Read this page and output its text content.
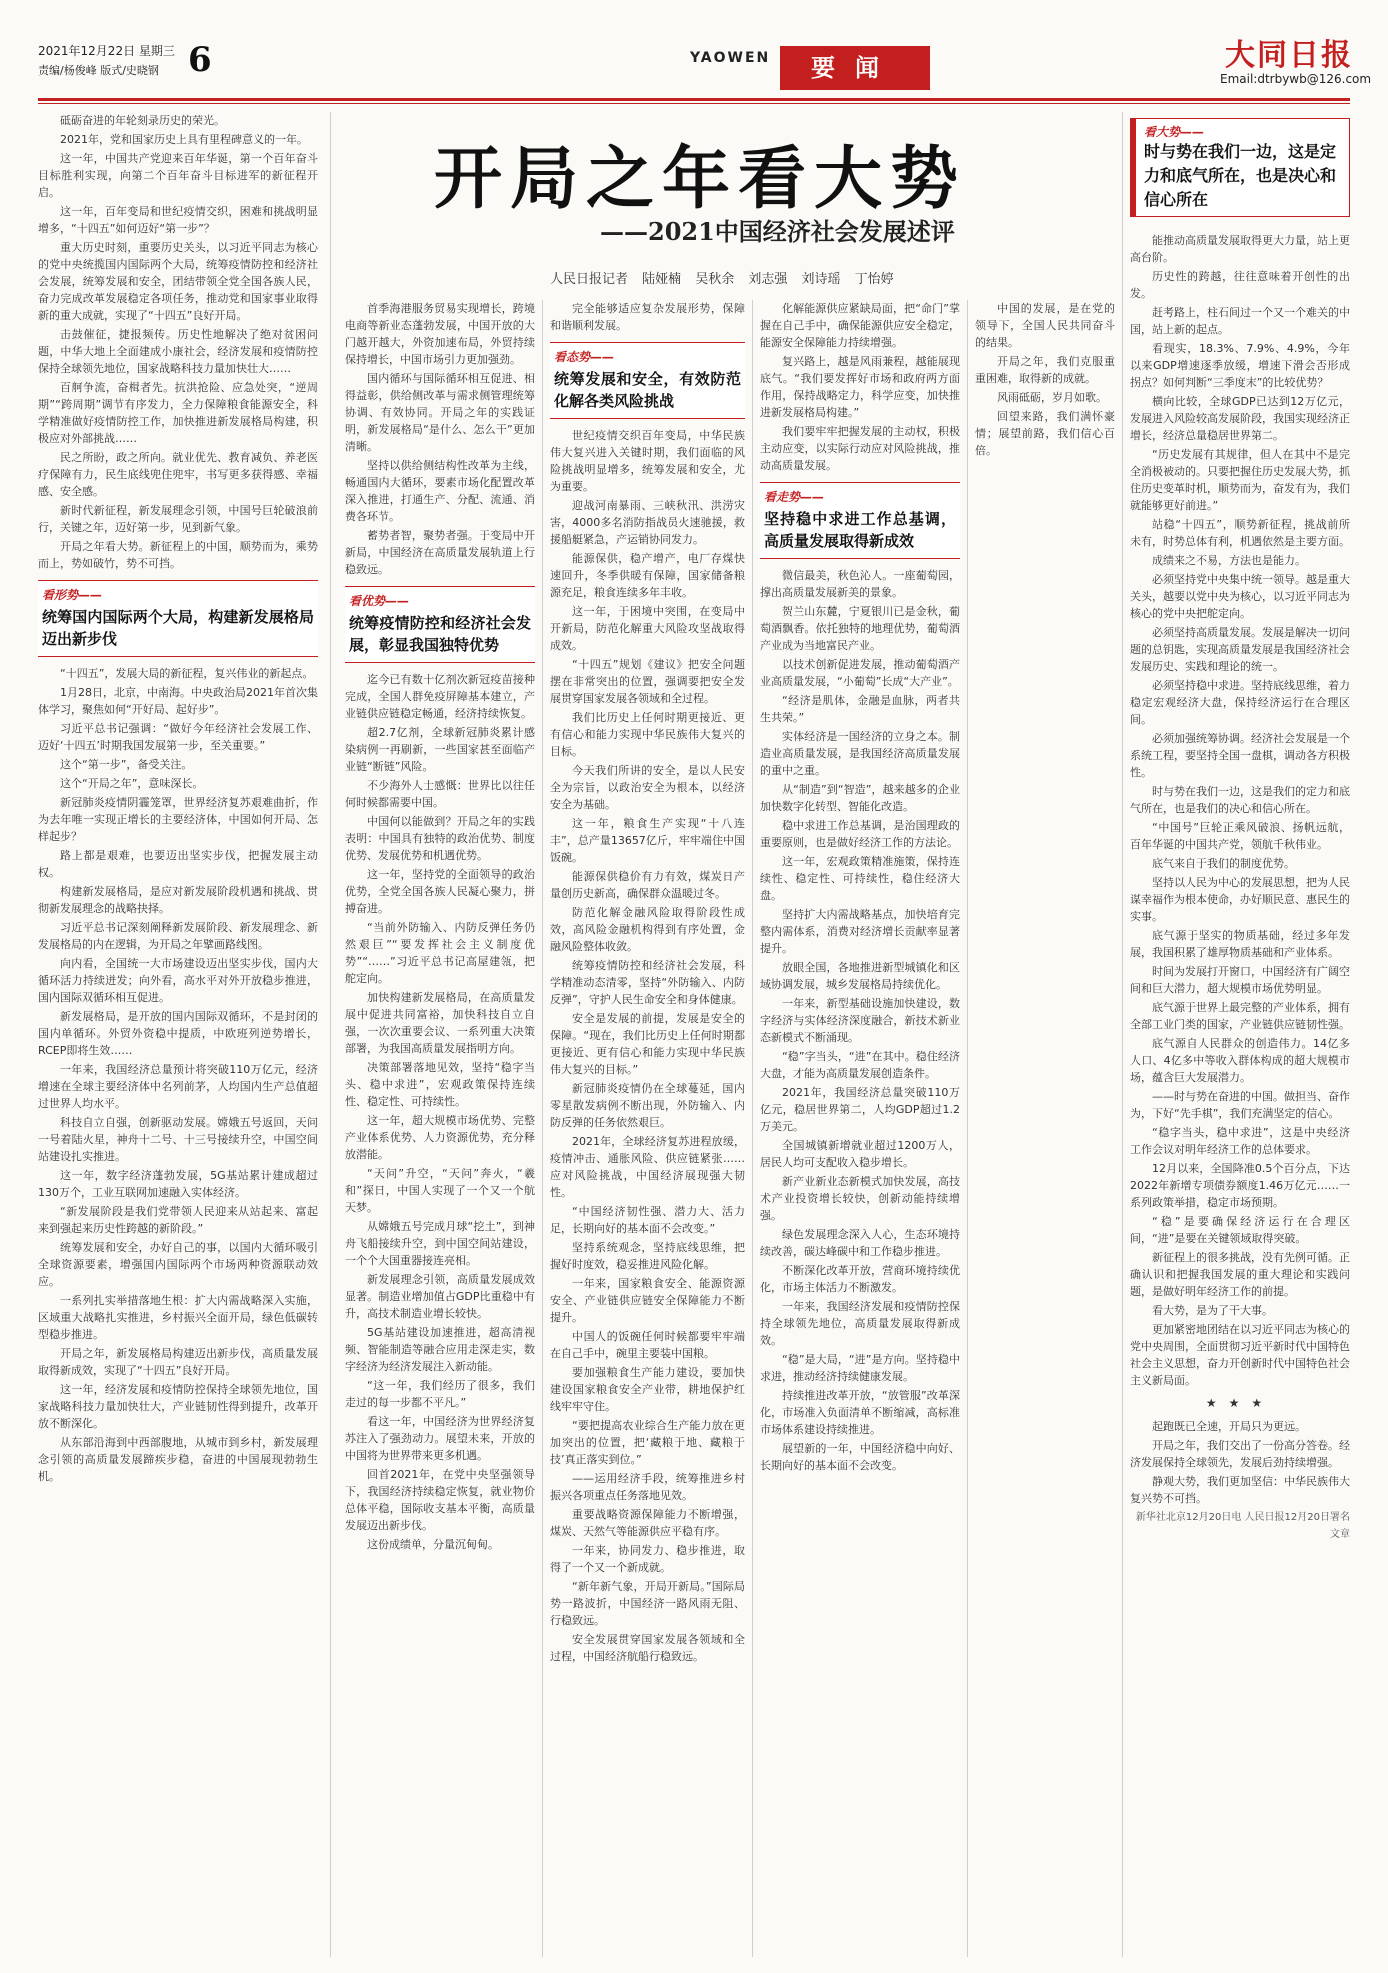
2021年12月22日 星期三
责编/杨俊峰 版式/史晓钢 6	YAOWEN	要闻	大同日报
Email:dtrbywb@126.com
开局之年看大势
——2021中国经济社会发展述评
人民日报记者 陆娅楠 吴秋余 刘志强 刘诗瑶 丁怡婷

砥砺奋进的年轮刻录历史的荣光。

2021年，党和国家历史上具有里程碑意义的一年。

这一年，中国共产党迎来百年华诞，第一个百年奋斗目标胜利实现，向第二个百年奋斗目标进军的新征程开启。

这一年，百年变局和世纪疫情交织，困难和挑战明显增多，“十四五”如何迈好“第一步”？

重大历史时刻，重要历史关头，以习近平同志为核心的党中央统揽国内国际两个大局，统筹疫情防控和经济社会发展，统筹发展和安全，团结带领全党全国各族人民，奋力完成改革发展稳定各项任务，推动党和国家事业取得新的重大成就，实现了“十四五”良好开局。

击鼓催征，捷报频传。历史性地解决了绝对贫困问题，中华大地上全面建成小康社会，经济发展和疫情防控保持全球领先地位，国家战略科技力量加快壮大……

百舸争流，奋楫者先。抗洪抢险、应急处突，“逆周期”“跨周期”调节有序发力，全力保障粮食能源安全，科学精准做好疫情防控工作，加快推进新发展格局构建，积极应对外部挑战……

民之所盼，政之所向。就业优先、教育减负、养老医疗保障有力，民生底线兜住兜牢，书写更多获得感、幸福感、安全感。

新时代新征程，新发展理念引领，中国号巨轮破浪前行，关键之年，迈好第一步，见到新气象。

开局之年看大势。新征程上的中国，顺势而为，乘势而上，势如破竹，势不可挡。

看形势——
统筹国内国际两个大局，构建新发展格局迈出新步伐

“十四五”，发展大局的新征程，复兴伟业的新起点。

1月28日，北京，中南海。中央政治局2021年首次集体学习，聚焦如何“开好局、起好步”。

习近平总书记强调：“做好今年经济社会发展工作、迈好‘十四五’时期我国发展第一步，至关重要。”

这个“第一步”，备受关注。

这个“开局之年”，意味深长。

新冠肺炎疫情阴霾笼罩，世界经济复苏艰难曲折，作为去年唯一实现正增长的主要经济体，中国如何开局、怎样起步？

路上都是艰难，也要迈出坚实步伐，把握发展主动权。

构建新发展格局，是应对新发展阶段机遇和挑战、贯彻新发展理念的战略抉择。

习近平总书记深刻阐释新发展阶段、新发展理念、新发展格局的内在逻辑，为开局之年擘画路线图。

向内看，全国统一大市场建设迈出坚实步伐，国内大循环活力持续迸发；向外看，高水平对外开放稳步推进，国内国际双循环相互促进。

新发展格局，是开放的国内国际双循环，不是封闭的国内单循环。外贸外资稳中提质，中欧班列逆势增长，RCEP即将生效……

一年来，我国经济总量预计将突破110万亿元，经济增速在全球主要经济体中名列前茅，人均国内生产总值超过世界人均水平。

科技自立自强，创新驱动发展。嫦娥五号返回，天问一号着陆火星，神舟十二号、十三号接续升空，中国空间站建设扎实推进。

这一年，数字经济蓬勃发展，5G基站累计建成超过130万个，工业互联网加速融入实体经济。

“新发展阶段是我们党带领人民迎来从站起来、富起来到强起来历史性跨越的新阶段。”

统筹发展和安全，办好自己的事，以国内大循环吸引全球资源要素，增强国内国际两个市场两种资源联动效应。

一系列扎实举措落地生根：扩大内需战略深入实施，区域重大战略扎实推进，乡村振兴全面开局，绿色低碳转型稳步推进。

开局之年，新发展格局构建迈出新步伐，高质量发展取得新成效，实现了“十四五”良好开局。

这一年，经济发展和疫情防控保持全球领先地位，国家战略科技力量加快壮大，产业链韧性得到提升，改革开放不断深化。

从东部沿海到中西部腹地，从城市到乡村，新发展理念引领的高质量发展蹄疾步稳，奋进的中国展现勃勃生机。

首季海港服务贸易实现增长，跨境电商等新业态蓬勃发展，中国开放的大门越开越大，外资加速布局，外贸持续保持增长，中国市场引力更加强劲。

国内循环与国际循环相互促进、相得益彰，供给侧改革与需求侧管理统筹协调、有效协同。开局之年的实践证明，新发展格局“是什么、怎么干”更加清晰。

坚持以供给侧结构性改革为主线，畅通国内大循环，要素市场化配置改革深入推进，打通生产、分配、流通、消费各环节。

蓄势者智，聚势者强。于变局中开新局，中国经济在高质量发展轨道上行稳致远。

看优势——
统筹疫情防控和经济社会发展，彰显我国独特优势

迄今已有数十亿剂次新冠疫苗接种完成，全国人群免疫屏障基本建立，产业链供应链稳定畅通，经济持续恢复。

超2.7亿剂，全球新冠肺炎累计感染病例一再刷新，一些国家甚至面临产业链“断链”风险。

不少海外人士感慨：世界比以往任何时候都需要中国。

中国何以能做到？开局之年的实践表明：中国具有独特的政治优势、制度优势、发展优势和机遇优势。

这一年，坚持党的全面领导的政治优势，全党全国各族人民凝心聚力，拼搏奋进。

“当前外防输入、内防反弹任务仍然艰巨”“要发挥社会主义制度优势”“……”习近平总书记高屋建瓴，把舵定向。

加快构建新发展格局，在高质量发展中促进共同富裕，加快科技自立自强，一次次重要会议、一系列重大决策部署，为我国高质量发展指明方向。

决策部署落地见效，坚持“稳字当头、稳中求进”，宏观政策保持连续性、稳定性、可持续性。

这一年，超大规模市场优势、完整产业体系优势、人力资源优势，充分释放潜能。

“天问”升空，“天问”奔火，“羲和”探日，中国人实现了一个又一个航天梦。

从嫦娥五号完成月球“挖土”，到神舟飞船接续升空，到中国空间站建设，一个个大国重器接连亮相。

新发展理念引领，高质量发展成效显著。制造业增加值占GDP比重稳中有升，高技术制造业增长较快。

5G基站建设加速推进，超高清视频、智能制造等融合应用走深走实，数字经济为经济发展注入新动能。

“这一年，我们经历了很多，我们走过的每一步都不平凡。”

看这一年，中国经济为世界经济复苏注入了强劲动力。展望未来，开放的中国将为世界带来更多机遇。

回首2021年，在党中央坚强领导下，我国经济持续稳定恢复，就业物价总体平稳，国际收支基本平衡，高质量发展迈出新步伐。

这份成绩单，分量沉甸甸。

完全能够适应复杂发展形势，保障和谐顺利发展。

看态势——
统筹发展和安全，有效防范化解各类风险挑战

世纪疫情交织百年变局，中华民族伟大复兴进入关键时期，我们面临的风险挑战明显增多，统筹发展和安全，尤为重要。

迎战河南暴雨、三峡秋汛、洪涝灾害，4000多名消防指战员火速驰援，救援船艇紧急，产运销协同发力。

能源保供，稳产增产，电厂存煤快速回升，冬季供暖有保障，国家储备粮源充足，粮食连续多年丰收。

这一年，于困境中突围，在变局中开新局，防范化解重大风险攻坚战取得成效。

“十四五”规划《建议》把安全问题摆在非常突出的位置，强调要把安全发展贯穿国家发展各领域和全过程。

我们比历史上任何时期更接近、更有信心和能力实现中华民族伟大复兴的目标。

今天我们所讲的安全，是以人民安全为宗旨，以政治安全为根本，以经济安全为基础。

这一年，粮食生产实现“十八连丰”，总产量13657亿斤，牢牢端住中国饭碗。

能源保供稳价有力有效，煤炭日产量创历史新高，确保群众温暖过冬。

防范化解金融风险取得阶段性成效，高风险金融机构得到有序处置，金融风险整体收敛。

统筹疫情防控和经济社会发展，科学精准动态清零，坚持“外防输入、内防反弹”，守护人民生命安全和身体健康。

安全是发展的前提，发展是安全的保障。“现在，我们比历史上任何时期都更接近、更有信心和能力实现中华民族伟大复兴的目标。”

新冠肺炎疫情仍在全球蔓延，国内零星散发病例不断出现，外防输入、内防反弹的任务依然艰巨。

2021年，全球经济复苏进程放缓，疫情冲击、通胀风险、供应链紧张……应对风险挑战，中国经济展现强大韧性。

“中国经济韧性强、潜力大、活力足，长期向好的基本面不会改变。”

坚持系统观念，坚持底线思维，把握好时度效，稳妥推进风险化解。

一年来，国家粮食安全、能源资源安全、产业链供应链安全保障能力不断提升。

中国人的饭碗任何时候都要牢牢端在自己手中，碗里主要装中国粮。

要加强粮食生产能力建设，要加快建设国家粮食安全产业带，耕地保护红线牢牢守住。

“要把提高农业综合生产能力放在更加突出的位置，把‘藏粮于地、藏粮于技’真正落实到位。”

——运用经济手段，统筹推进乡村振兴各项重点任务落地见效。

重要战略资源保障能力不断增强，煤炭、天然气等能源供应平稳有序。

一年来，协同发力、稳步推进，取得了一个又一个新成就。

“新年新气象，开局开新局。”国际局势一路波折，中国经济一路风雨无阻、行稳致远。

安全发展贯穿国家发展各领域和全过程，中国经济航船行稳致远。

化解能源供应紧缺局面，把“命门”掌握在自己手中，确保能源供应安全稳定，能源安全保障能力持续增强。

复兴路上，越是风雨兼程，越能展现底气。“我们要发挥好市场和政府两方面作用，保持战略定力，科学应变，加快推进新发展格局构建。”

我们要牢牢把握发展的主动权，积极主动应变，以实际行动应对风险挑战，推动高质量发展。

看走势——
坚持稳中求进工作总基调，高质量发展取得新成效

微信最美，秋色沁人。一座葡萄园，撑出高质量发展新美的景象。

贺兰山东麓，宁夏银川已是金秋，葡萄酒飘香。依托独特的地理优势，葡萄酒产业成为当地富民产业。

以技术创新促进发展，推动葡萄酒产业高质量发展，“小葡萄”长成“大产业”。

“经济是肌体，金融是血脉，两者共生共荣。”

实体经济是一国经济的立身之本。制造业高质量发展，是我国经济高质量发展的重中之重。

从“制造”到“智造”，越来越多的企业加快数字化转型、智能化改造。

稳中求进工作总基调，是治国理政的重要原则，也是做好经济工作的方法论。

这一年，宏观政策精准施策，保持连续性、稳定性、可持续性，稳住经济大盘。

坚持扩大内需战略基点，加快培育完整内需体系，消费对经济增长贡献率显著提升。

放眼全国，各地推进新型城镇化和区域协调发展，城乡发展格局持续优化。

一年来，新型基础设施加快建设，数字经济与实体经济深度融合，新技术新业态新模式不断涌现。

“稳”字当头，“进”在其中。稳住经济大盘，才能为高质量发展创造条件。

2021年，我国经济总量突破110万亿元，稳居世界第二，人均GDP超过1.2万美元。

全国城镇新增就业超过1200万人，居民人均可支配收入稳步增长。

新产业新业态新模式加快发展，高技术产业投资增长较快，创新动能持续增强。

绿色发展理念深入人心，生态环境持续改善，碳达峰碳中和工作稳步推进。

不断深化改革开放，营商环境持续优化，市场主体活力不断激发。

一年来，我国经济发展和疫情防控保持全球领先地位，高质量发展取得新成效。

“稳”是大局，“进”是方向。坚持稳中求进，推动经济持续健康发展。

持续推进改革开放，“放管服”改革深化，市场准入负面清单不断缩减，高标准市场体系建设持续推进。

展望新的一年，中国经济稳中向好、长期向好的基本面不会改变。

中国的发展，是在党的领导下，全国人民共同奋斗的结果。

开局之年，我们克服重重困难，取得新的成就。

风雨砥砺，岁月如歌。

回望来路，我们满怀豪情；展望前路，我们信心百倍。

看大势——
时与势在我们一边，这是定力和底气所在，也是决心和信心所在

能推动高质量发展取得更大力量，站上更高台阶。

历史性的跨越，往往意味着开创性的出发。

赶考路上，柱石间过一个又一个难关的中国，站上新的起点。

看现实，18.3%、7.9%、4.9%，今年以来GDP增速逐季放缓，增速下滑会否形成拐点？如何判断“三季度末”的比较优势？

横向比较，全球GDP已达到12万亿元，发展进入风险较高发展阶段，我国实现经济正增长，经济总量稳居世界第二。

“历史发展有其规律，但人在其中不是完全消极被动的。只要把握住历史发展大势，抓住历史变革时机，顺势而为，奋发有为，我们就能够更好前进。”

站稳“十四五”，顺势新征程，挑战前所未有，时势总体有利，机遇依然是主要方面。

成绩来之不易，方法也是能力。

必须坚持党中央集中统一领导。越是重大关头，越要以党中央为核心，以习近平同志为核心的党中央把舵定向。

必须坚持高质量发展。发展是解决一切问题的总钥匙，实现高质量发展是我国经济社会发展历史、实践和理论的统一。

必须坚持稳中求进。坚持底线思维，着力稳定宏观经济大盘，保持经济运行在合理区间。

必须加强统筹协调。经济社会发展是一个系统工程，要坚持全国一盘棋，调动各方积极性。

时与势在我们一边，这是我们的定力和底气所在，也是我们的决心和信心所在。

“中国号”巨轮正乘风破浪、扬帆远航，百年华诞的中国共产党，领航千秋伟业。

底气来自于我们的制度优势。

坚持以人民为中心的发展思想，把为人民谋幸福作为根本使命，办好顺民意、惠民生的实事。

底气源于坚实的物质基础，经过多年发展，我国积累了雄厚物质基础和产业体系。

时间为发展打开窗口，中国经济有广阔空间和巨大潜力，超大规模市场优势明显。

底气源于世界上最完整的产业体系，拥有全部工业门类的国家，产业链供应链韧性强。

底气源自人民群众的创造伟力。14亿多人口、4亿多中等收入群体构成的超大规模市场，蕴含巨大发展潜力。

——时与势在奋进的中国。做担当、奋作为，下好“先手棋”，我们充满坚定的信心。

“稳字当头，稳中求进”，这是中央经济工作会议对明年经济工作的总体要求。

12月以来，全国降准0.5个百分点，下达2022年新增专项债券额度1.46万亿元……一系列政策举措，稳定市场预期。

“稳”是要确保经济运行在合理区间，“进”是要在关键领域取得突破。

新征程上的很多挑战，没有先例可循。正确认识和把握我国发展的重大理论和实践问题，是做好明年经济工作的前提。

看大势，是为了干大事。

更加紧密地团结在以习近平同志为核心的党中央周围，全面贯彻习近平新时代中国特色社会主义思想，奋力开创新时代中国特色社会主义新局面。

★★★

起跑既已全速，开局只为更远。

开局之年，我们交出了一份高分答卷。经济发展保持全球领先，发展后劲持续增强。

静观大势，我们更加坚信：中华民族伟大复兴势不可挡。

新华社北京12月20日电 人民日报12月20日署名文章
